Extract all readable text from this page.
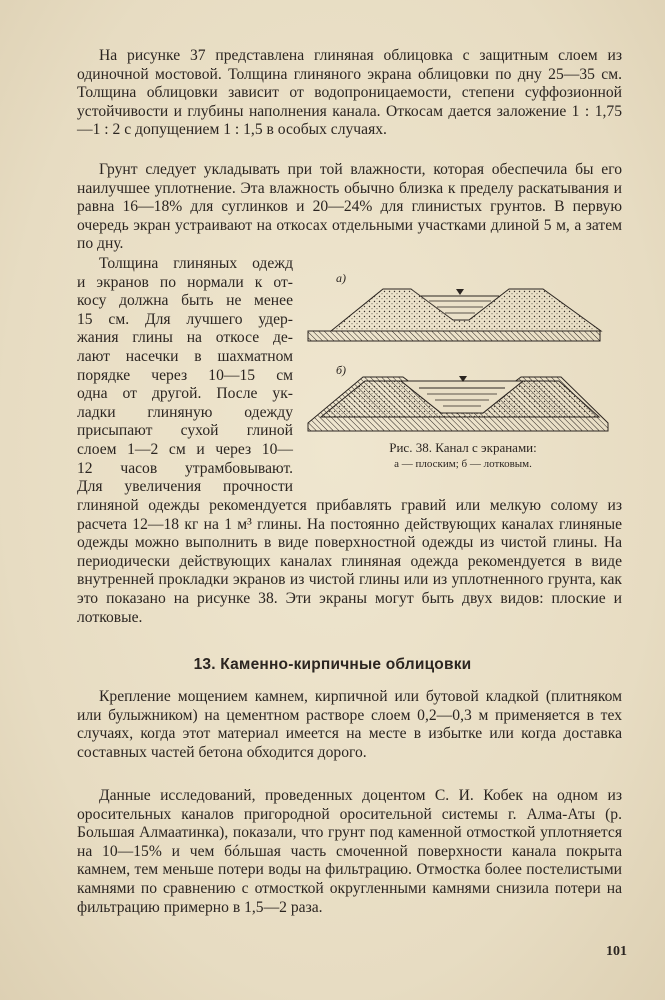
На рисунке 37 представлена глиняная облицовка с защитным слоем из одиночной мостовой. Толщина глиняного экрана облицовки по дну 25—35 см. Толщина облицовки зависит от водопроницаемости, степени суффозионной устойчивости и глубины наполнения канала. Откосам дается заложение 1 : 1,75—1 : 2 с допущением 1 : 1,5 в особых случаях.

Грунт следует укладывать при той влажности, которая обеспечила бы его наилучшее уплотнение. Эта влажность обычно близка к пределу раскатывания и равна 16—18% для суглинков и 20—24% для глинистых грунтов. В первую очередь экран устраивают на откосах отдельными участками длиной 5 м, а затем по дну.

Толщина глиняных одежд
и экранов по нормали к от-
косу должна быть не менее
15 см. Для лучшего удер-
жания глины на откосе де-
лают насечки в шахматном
порядке через 10—15 см
одна от другой. После ук-
ладки глиняную одежду
присыпают сухой глиной
слоем 1—2 см и через 10—
12 часов утрамбовывают.
Для увеличения прочности
а)
б)
Рис. 38. Канал с экранами:
а — плоским; б — лотковым.

глиняной одежды рекомендуется прибавлять гравий или мелкую солому из расчета 12—18 кг на 1 м³ глины. На постоянно действующих каналах глиняные одежды можно выполнить в виде поверхностной одежды из чистой глины. На периодически действующих каналах глиняная одежда рекомендуется в виде внутренней прокладки экранов из чистой глины или из уплотненного грунта, как это показано на рисунке 38. Эти экраны могут быть двух видов: плоские и лотковые.

13. Каменно-кирпичные облицовки

Крепление мощением камнем, кирпичной или бутовой кладкой (плитняком или булыжником) на цементном растворе слоем 0,2—0,3 м применяется в тех случаях, когда этот материал имеется на месте в избытке или когда доставка составных частей бетона обходится дорого.

Данные исследований, проведенных доцентом С. И. Кобек на одном из оросительных каналов пригородной оросительной системы г. Алма-Аты (р. Большая Алмаатинка), показали, что грунт под каменной отмосткой уплотняется на 10—15% и чем бóльшая часть смоченной поверхности канала покрыта камнем, тем меньше потери воды на фильтрацию. Отмостка более постелистыми камнями по сравнению с отмосткой округленными камнями снизила потери на фильтрацию примерно в 1,5—2 раза.

101
